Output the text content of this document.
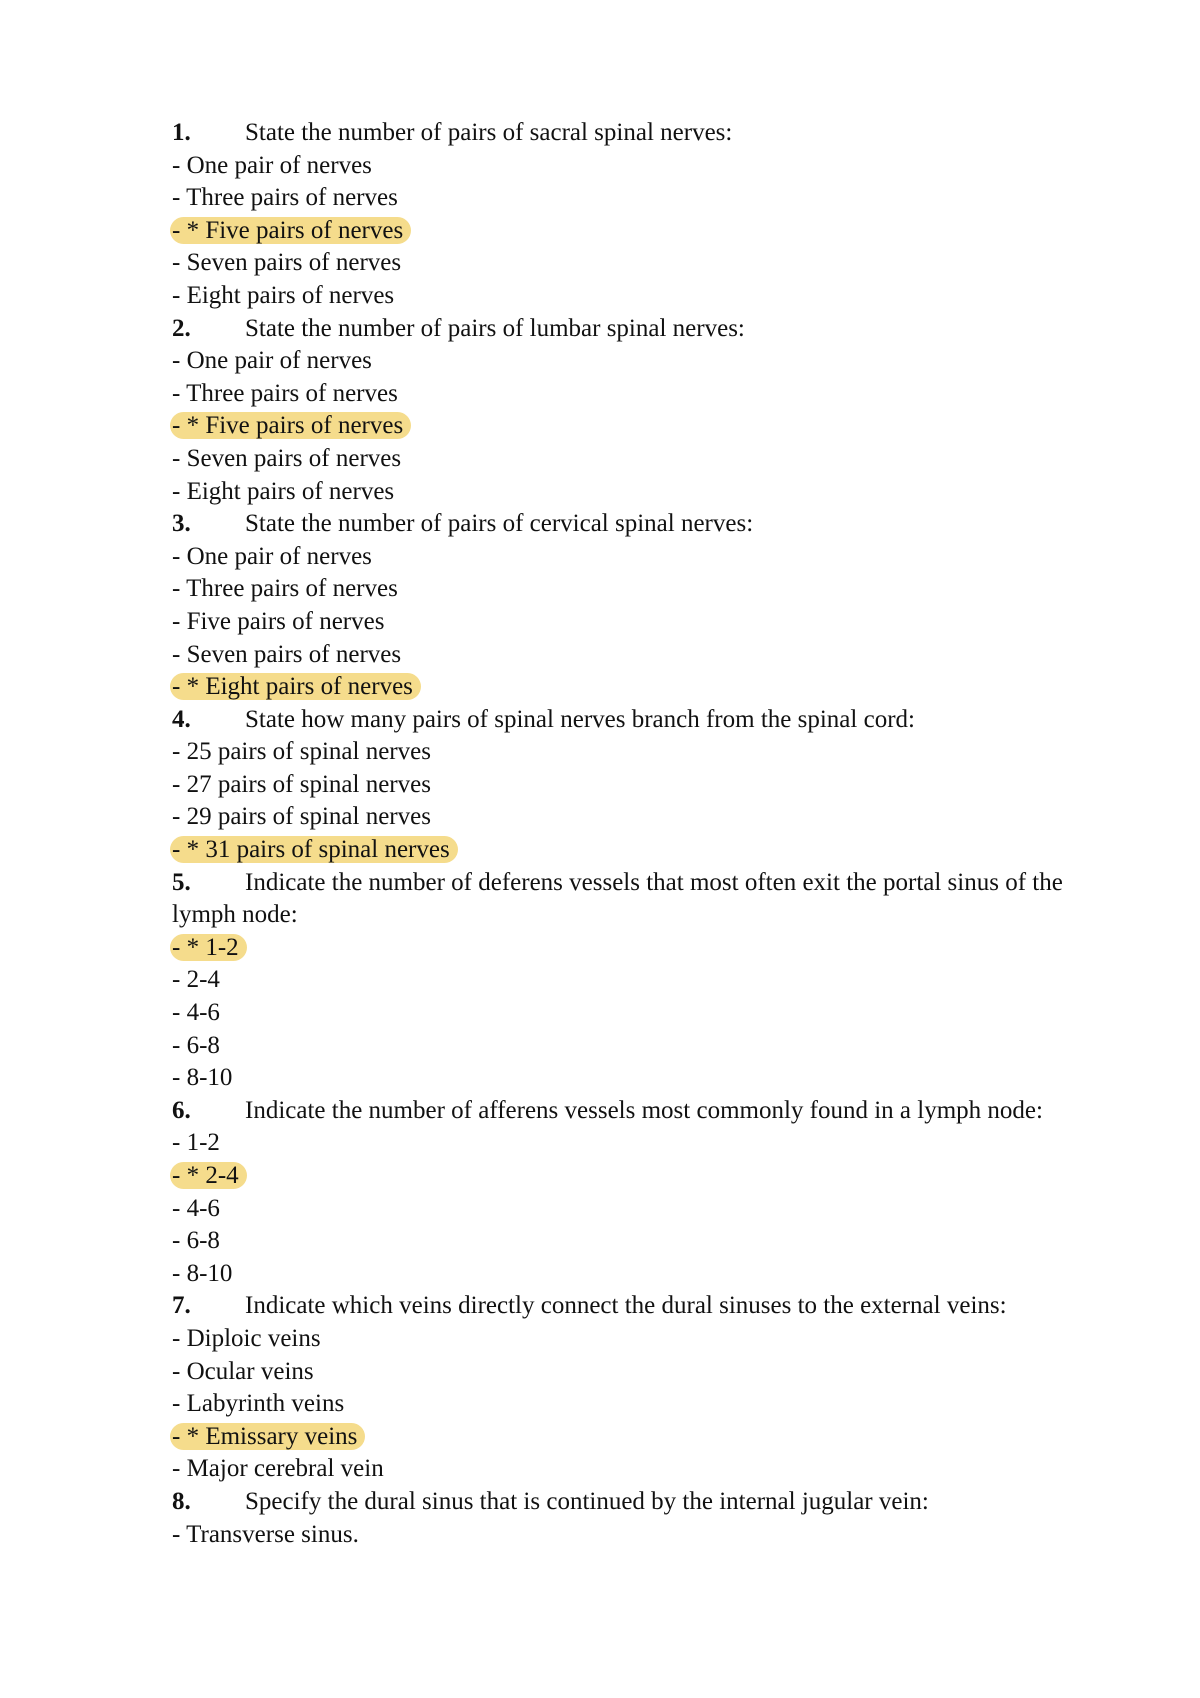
1. State the number of pairs of sacral spinal nerves:
- One pair of nerves
- Three pairs of nerves
- * Five pairs of nerves
- Seven pairs of nerves
- Eight pairs of nerves
2. State the number of pairs of lumbar spinal nerves:
- One pair of nerves
- Three pairs of nerves
- * Five pairs of nerves
- Seven pairs of nerves
- Eight pairs of nerves
3. State the number of pairs of cervical spinal nerves:
- One pair of nerves
- Three pairs of nerves
- Five pairs of nerves
- Seven pairs of nerves
- * Eight pairs of nerves
4. State how many pairs of spinal nerves branch from the spinal cord:
- 25 pairs of spinal nerves
- 27 pairs of spinal nerves
- 29 pairs of spinal nerves
- * 31 pairs of spinal nerves
5. Indicate the number of deferens vessels that most often exit the portal sinus of the lymph node:
- * 1-2
- 2-4
- 4-6
- 6-8
- 8-10
6. Indicate the number of afferens vessels most commonly found in a lymph node:
- 1-2
- * 2-4
- 4-6
- 6-8
- 8-10
7. Indicate which veins directly connect the dural sinuses to the external veins:
- Diploic veins
- Ocular veins
- Labyrinth veins
- * Emissary veins
- Major cerebral vein
8. Specify the dural sinus that is continued by the internal jugular vein:
- Transverse sinus.
